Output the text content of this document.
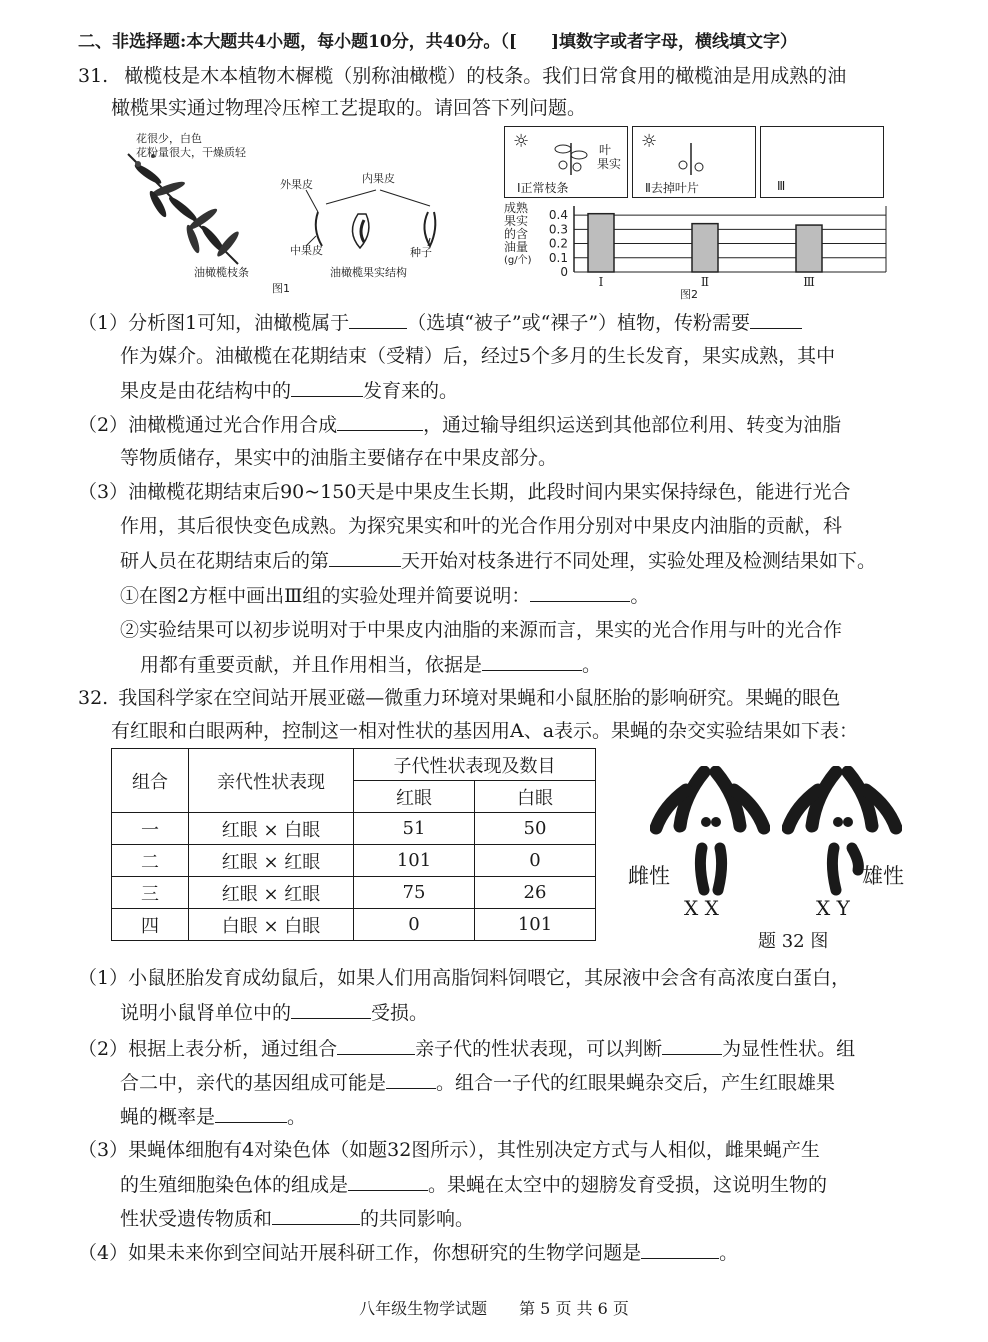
二、非选择题:本大题共4小题，每小题10分，共40分。（[　　]填数字或者字母，横线填文字）
31. 橄榄枝是木本植物木樨榄（别称油橄榄）的枝条。我们日常食用的橄榄油是用成熟的油
橄榄果实通过物理冷压榨工艺提取的。请回答下列问题。
花很少，白色
花粉量很大，干燥质轻
油橄榄枝条
外果皮	内果皮
中果皮	种子
油橄榄果实结构
图1
☼	叶
果实
Ⅰ正常枝条
☼
Ⅱ去掉叶片	Ⅲ
0.4
0.3
0.2
0.1
0
Ⅰ	Ⅱ	Ⅲ
成熟
果实
的含
油量
(g/个)
图2
（1）分析图1可知，油橄榄属于	（选填“被子”或“裸子”）植物，传粉需要
作为媒介。油橄榄在花期结束（受精）后，经过5个多月的生长发育，果实成熟，其中
果皮是由花结构中的	发育来的。
（2）油橄榄通过光合作用合成	，通过输导组织运送到其他部位利用、转变为油脂
等物质储存，果实中的油脂主要储存在中果皮部分。
（3）油橄榄花期结束后90~150天是中果皮生长期，此段时间内果实保持绿色，能进行光合
作用，其后很快变色成熟。为探究果实和叶的光合作用分别对中果皮内油脂的贡献，科
研人员在花期结束后的第	天开始对枝条进行不同处理，实验处理及检测结果如下。
①在图2方框中画出Ⅲ组的实验处理并简要说明：	。
②实验结果可以初步说明对于中果皮内油脂的来源而言，果实的光合作用与叶的光合作
用都有重要贡献，并且作用相当，依据是	。
32. 我国科学家在空间站开展亚磁—微重力环境对果蝇和小鼠胚胎的影响研究。果蝇的眼色
有红眼和白眼两种，控制这一相对性状的基因用A、a表示。果蝇的杂交实验结果如下表：
组合	亲代性状表现	子代性状表现及数目	
		红眼	白眼
一	红眼 × 白眼	51	50
二	红眼 × 红眼	101	0
三	红眼 × 红眼	75	26
四	白眼 × 白眼	0	101
雌性	雄性
X X	X Y
题 32 图
（1）小鼠胚胎发育成幼鼠后，如果人们用高脂饲料饲喂它，其尿液中会含有高浓度白蛋白，
说明小鼠肾单位中的	受损。
（2）根据上表分析，通过组合	亲子代的性状表现，可以判断	为显性性状。组
合二中，亲代的基因组成可能是	。组合一子代的红眼果蝇杂交后，产生红眼雄果
蝇的概率是	。
（3）果蝇体细胞有4对染色体（如题32图所示），其性别决定方式与人相似，雌果蝇产生
的生殖细胞染色体的组成是	。果蝇在太空中的翅膀发育受损，这说明生物的
性状受遗传物质和	的共同影响。
（4）如果未来你到空间站开展科研工作，你想研究的生物学问题是	。
八年级生物学试题　　第 5 页 共 6 页
